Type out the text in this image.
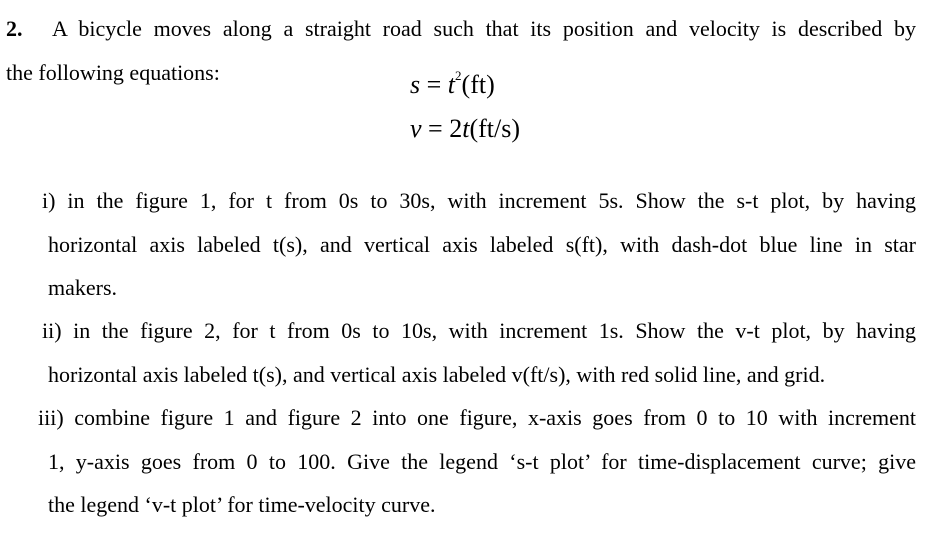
2. A bicycle moves along a straight road such that its position and velocity is described by
the following equations:	$s = t^2(ft)$
v = 2t(ft/s)
i) in the figure 1, for t from 0s to 30s, with increment 5s. Show the s-t plot, by having
horizontal axis labeled t(s), and vertical axis labeled s(ft), with dash-dot blue line in star
makers.
ii) in the figure 2, for t from 0s to 10s, with increment 1s. Show the v-t plot, by having
horizontal axis labeled t(s), and vertical axis labeled v(ft/s), with red solid line, and grid.
iii) combine figure 1 and figure 2 into one figure, x-axis goes from 0 to 10 with increment
1, y-axis goes from 0 to 100. Give the legend ‘s-t plot’ for time-displacement curve; give
the legend ‘v-t plot’ for time-velocity curve.
